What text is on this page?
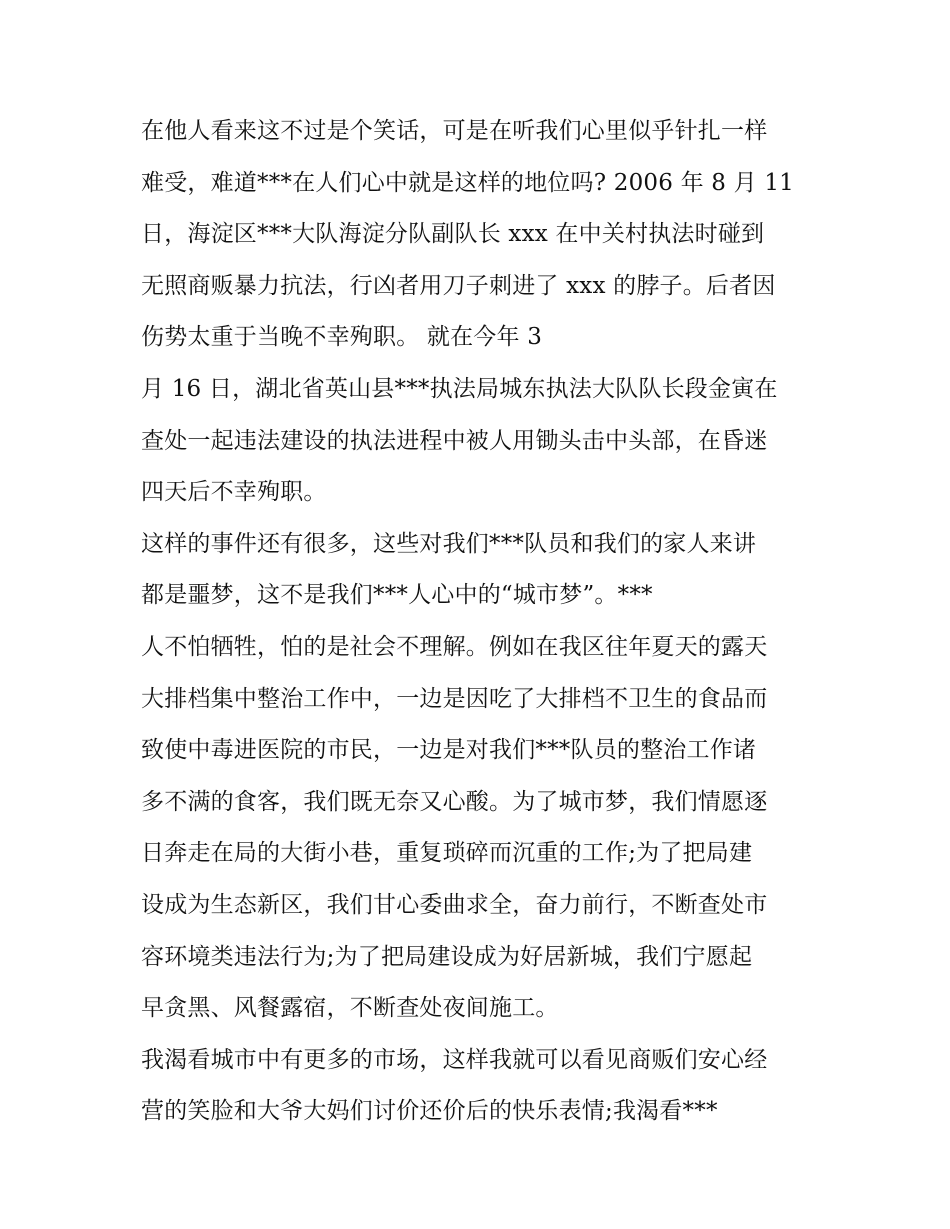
在他人看来这不过是个笑话，可是在听我们心里似乎针扎一样
难受，难道***在人们心中就是这样的地位吗? 2006 年 8 月 11
日，海淀区***大队海淀分队副队长 xxx 在中关村执法时碰到
无照商贩暴力抗法，行凶者用刀子刺进了 xxx 的脖子。后者因
伤势太重于当晚不幸殉职。 就在今年 3
月 16 日，湖北省英山县***执法局城东执法大队队长段金寅在
查处一起违法建设的执法进程中被人用锄头击中头部，在昏迷
四天后不幸殉职。
这样的事件还有很多，这些对我们***队员和我们的家人来讲
都是噩梦，这不是我们***人心中的“城市梦”。***
人不怕牺牲，怕的是社会不理解。例如在我区往年夏天的露天
大排档集中整治工作中，一边是因吃了大排档不卫生的食品而
致使中毒进医院的市民，一边是对我们***队员的整治工作诸
多不满的食客，我们既无奈又心酸。为了城市梦，我们情愿逐
日奔走在局的大街小巷，重复琐碎而沉重的工作;为了把局建
设成为生态新区，我们甘心委曲求全，奋力前行，不断查处市
容环境类违法行为;为了把局建设成为好居新城，我们宁愿起
早贪黑、风餐露宿，不断查处夜间施工。
我渴看城市中有更多的市场，这样我就可以看见商贩们安心经
营的笑脸和大爷大妈们讨价还价后的快乐表情;我渴看***
